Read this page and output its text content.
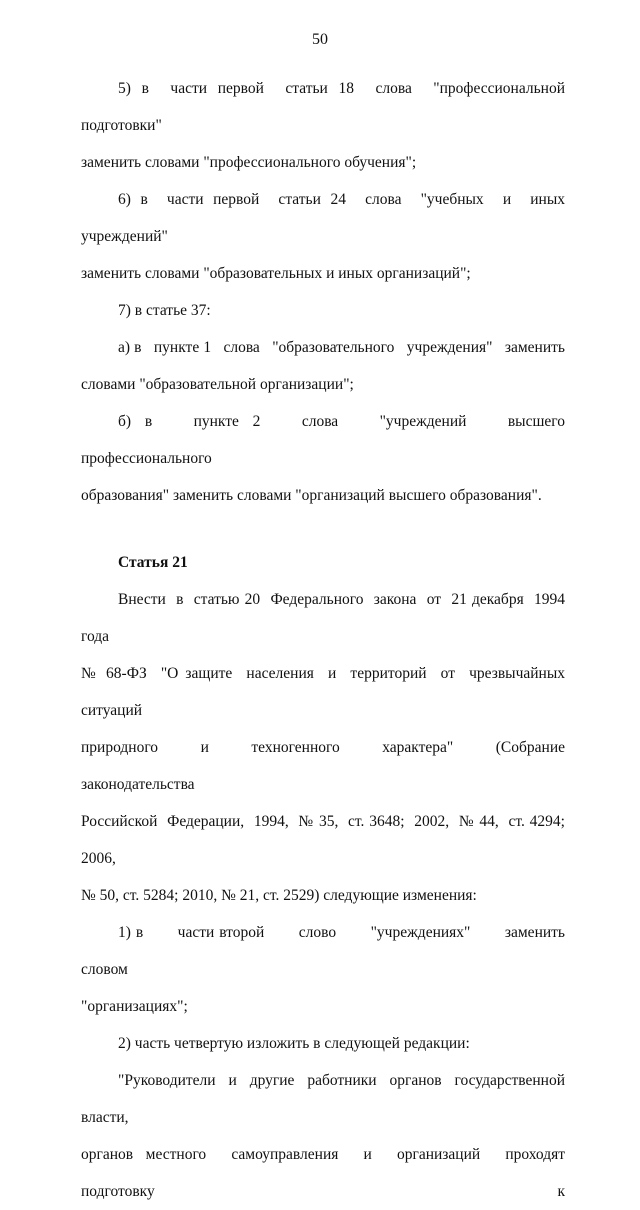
50

5) в  части первой  статьи 18  слова  "профессиональной  подготовки"

заменить словами "профессионального обучения";

6) в  части первой  статьи 24  слова  "учебных  и  иных  учреждений"

заменить словами "образовательных и иных организаций";

7) в статье 37:

а) в   пункте 1   слова   "образовательного   учреждения"   заменить

словами "образовательной организации";

б) в   пункте 2   слова   "учреждений   высшего   профессионального

образования" заменить словами "организаций высшего образования".

Статья 21

Внести  в  статью 20  Федерального  закона  от  21 декабря  1994 года

№ 68-ФЗ  "О защите  населения  и  территорий  от  чрезвычайных  ситуаций

природного   и   техногенного   характера"   (Собрание   законодательства

Российской  Федерации,  1994,  № 35,  ст. 3648;  2002,  № 44,  ст. 4294;  2006,

№ 50, ст. 5284; 2010, № 21, ст. 2529) следующие изменения:

1) в       части второй       слово       "учреждениях"       заменить       словом

"организациях";

2) часть четвертую изложить в следующей редакции:

"Руководители и другие работники органов государственной власти,

органов местного  самоуправления  и  организаций  проходят  подготовку  к
